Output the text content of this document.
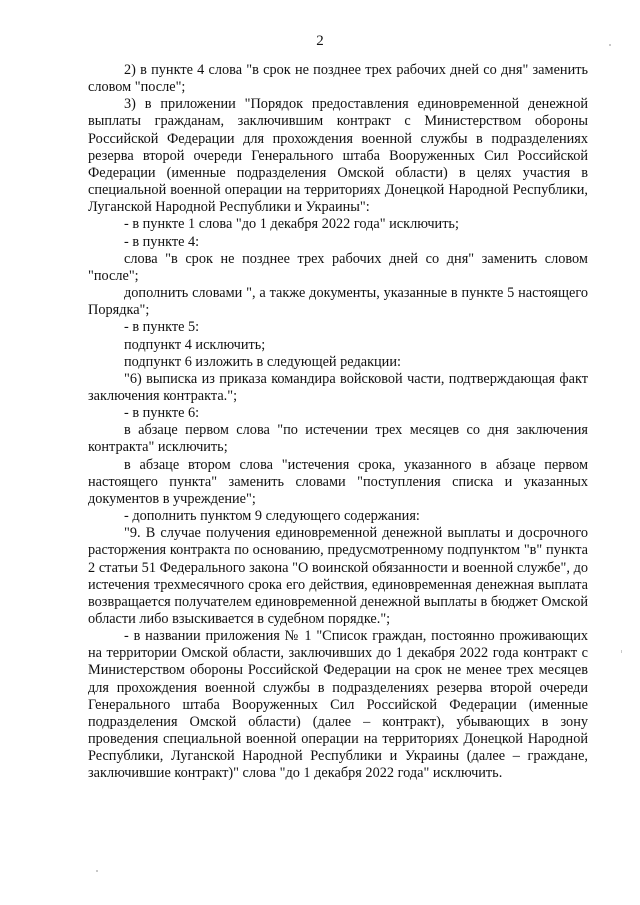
2

2) в пункте 4 слова "в срок не позднее трех рабочих дней со дня" заменить словом "после";

3) в приложении "Порядок предоставления единовременной денежной выплаты гражданам, заключившим контракт с Министерством обороны Российской Федерации для прохождения военной службы в подразделениях резерва второй очереди Генерального штаба Вооруженных Сил Российской Федерации (именные подразделения Омской области) в целях участия в специальной военной операции на территориях Донецкой Народной Республики, Луганской Народной Республики и Украины":

- в пункте 1 слова "до 1 декабря 2022 года" исключить;

- в пункте 4:

слова "в срок не позднее трех рабочих дней со дня" заменить словом "после";

дополнить словами ", а также документы, указанные в пункте 5 настоящего Порядка";

- в пункте 5:

подпункт 4 исключить;

подпункт 6 изложить в следующей редакции:

"6) выписка из приказа командира войсковой части, подтверждающая факт заключения контракта.";

- в пункте 6:

в абзаце первом слова "по истечении трех месяцев со дня заключения контракта" исключить;

в абзаце втором слова "истечения срока, указанного в абзаце первом настоящего пункта" заменить словами "поступления списка и указанных документов в учреждение";

- дополнить пунктом 9 следующего содержания:

"9. В случае получения единовременной денежной выплаты и досрочного расторжения контракта по основанию, предусмотренному подпунктом "в" пункта 2 статьи 51 Федерального закона "О воинской обязанности и военной службе", до истечения трехмесячного срока его действия, единовременная денежная выплата возвращается получателем единовременной денежной выплаты в бюджет Омской области либо взыскивается в судебном порядке.";

- в названии приложения № 1 "Список граждан, постоянно проживающих на территории Омской области, заключивших до 1 декабря 2022 года контракт с Министерством обороны Российской Федерации на срок не менее трех месяцев для прохождения военной службы в подразделениях резерва второй очереди Генерального штаба Вооруженных Сил Российской Федерации (именные подразделения Омской области) (далее – контракт), убывающих в зону проведения специальной военной операции на территориях Донецкой Народной Республики, Луганской Народной Республики и Украины (далее – граждане, заключившие контракт)" слова "до 1 декабря 2022 года" исключить.
